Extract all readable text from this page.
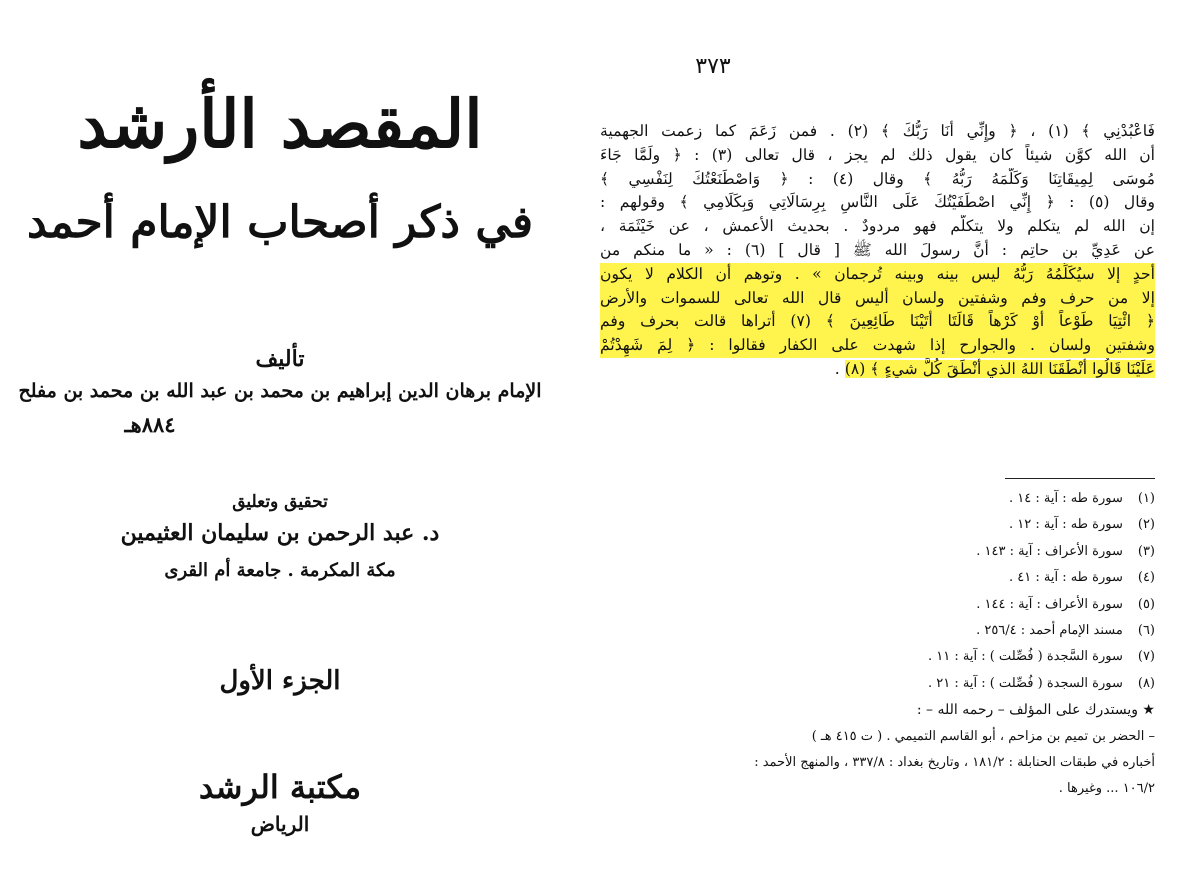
المقصد الأرشد
في ذكر أصحاب الإمام أحمد
تأليف
الإمام برهان الدين إبراهيم بن محمد بن عبد الله بن محمد بن مفلح
٨٨٤هـ
تحقيق وتعليق
د. عبد الرحمن بن سليمان العثيمين
مكة المكرمة . جامعة أم القرى
الجزء الأول
مكتبة الرشد
الرياض
٣٧٣
فَاعْبُدْنِي ﴾ (١) ، ﴿ وإِنِّي أَنَا رَبُّكَ ﴾ (٢) . فمن زَعَمَ كما زعمت الجهمية
أن الله كوَّن شيئاً كان يقول ذلك لم يجز ، قال تعالى (٣) : ﴿ ولَمَّا جَاءَ
مُوسَى لِمِيقَاتِنَا وَكَلَّمَهُ رَبُّهُ ﴾ وقال (٤) : ﴿ وَاصْطَنَعْتُكَ لِنَفْسِي ﴾
وقال (٥) : ﴿ إِنِّي اصْطَفَيْتُكَ عَلَى النَّاسِ بِرِسَالَاتِي وَبِكَلَامِي ﴾ وقولهم :
إن الله لم يتكلم ولا يتكلَّم فهو مردودٌ . بحديث الأعمش ، عن خَيْثَمَة ،
عن عَدِيِّ بن حاتِم : أَنَّ رسولَ الله ﷺ [ قال ] (٦) : « ما منكم من
أحدٍ إلا سيُكَلِّمُهُ رَبُّهُ ليس بينه وبينه تُرجمان » . وتوهم أن الكلام لا يكون
إلا من حرف وفم وشفتين ولسان أليس قال الله تعالى للسموات والأرض
﴿ ائْتِيَا طَوْعاً أَوْ كَرْهاً قَالَتَا أَتَيْنَا طَائِعِينَ ﴾ (٧) أتراها قالت بحرف وفم
وشفتين ولسان . والجوارح إذا شهدت على الكفار فقالوا : ﴿ لِمَ شَهِدْتُمْ
عَلَيْنَا قَالُوا أَنْطَقَنَا اللهُ الذي أَنْطَقَ كُلَّ شيءٍ ﴾ (٨) .
(١) سورة طه : آية : ١٤ .
(٢) سورة طه : آية : ١٢ .
(٣) سورة الأعراف : آية : ١٤٣ .
(٤) سورة طه : آية : ٤١ .
(٥) سورة الأعراف : آية : ١٤٤ .
(٦) مسند الإمام أحمد : ٢٥٦/٤ .
(٧) سورة السَّجدة ( فُصِّلت ) : آية : ١١ .
(٨) سورة السجدة ( فُصِّلت ) : آية : ٢١ .
★ ويستدرك على المؤلف – رحمه الله – :
– الحضر بن تميم بن مزاحم ، أبو القاسم التميمي . ( ت ٤١٥ هـ )
أخباره في طبقات الحنابلة : ١٨١/٢ ، وتاريخ بغداد : ٣٣٧/٨ ، والمنهج الأحمد :
١٠٦/٢ ... وغيرها .
